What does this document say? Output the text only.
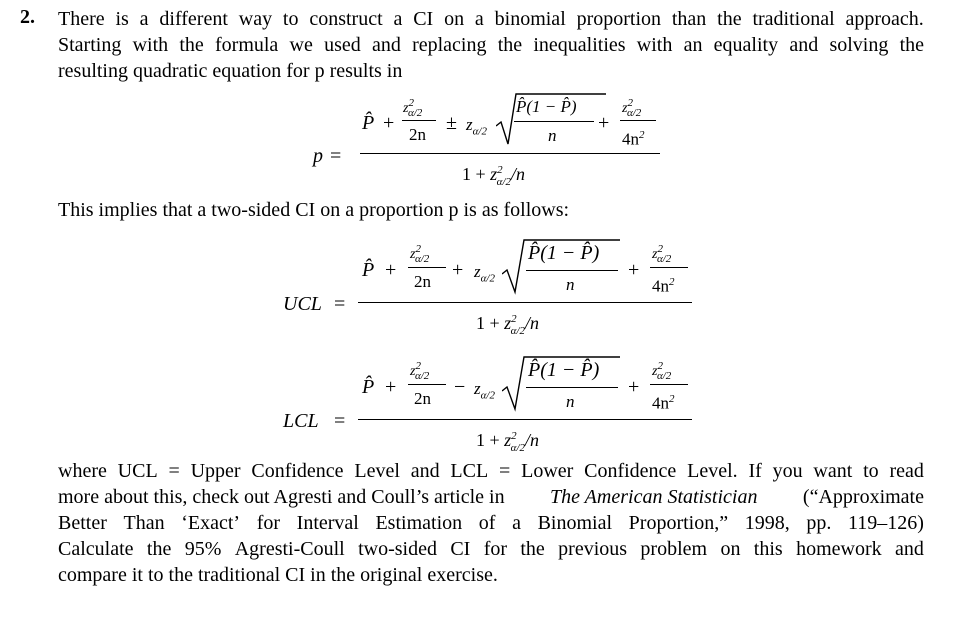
2. There is a different way to construct a CI on a binomial proportion than the traditional approach.
Starting with the formula we used and replacing the inequalities with an equality and solving the
resulting quadratic equation for p results in
p =
P̂ +
$z^2_{\alpha/2}$
2n
± $z_{\alpha/2}$
P̂(1 − P̂)
n
+
$z^2_{\alpha/2}$
$4n^2$
$1 + z^2_{\alpha/2}/n$
This implies that a two-sided CI on a proportion p is as follows:
UCL =
P̂ +
$z^2_{\alpha/2}$
2n
+ $z_{\alpha/2}$
P̂(1 − P̂)
n
+
$z^2_{\alpha/2}$
$4n^2$
$1 + z^2_{\alpha/2}/n$
LCL =
P̂ +
$z^2_{\alpha/2}$
2n
− $z_{\alpha/2}$
P̂(1 − P̂)
n
+
$z^2_{\alpha/2}$
$4n^2$
$1 + z^2_{\alpha/2}/n$
where UCL = Upper Confidence Level and LCL = Lower Confidence Level. If you want to read
more about this, check out Agresti and Coull’s article in The American Statistician (“Approximate
Better Than ‘Exact’ for Interval Estimation of a Binomial Proportion,” 1998, pp. 119–126)
Calculate the 95% Agresti-Coull two-sided CI for the previous problem on this homework and
compare it to the traditional CI in the original exercise.
